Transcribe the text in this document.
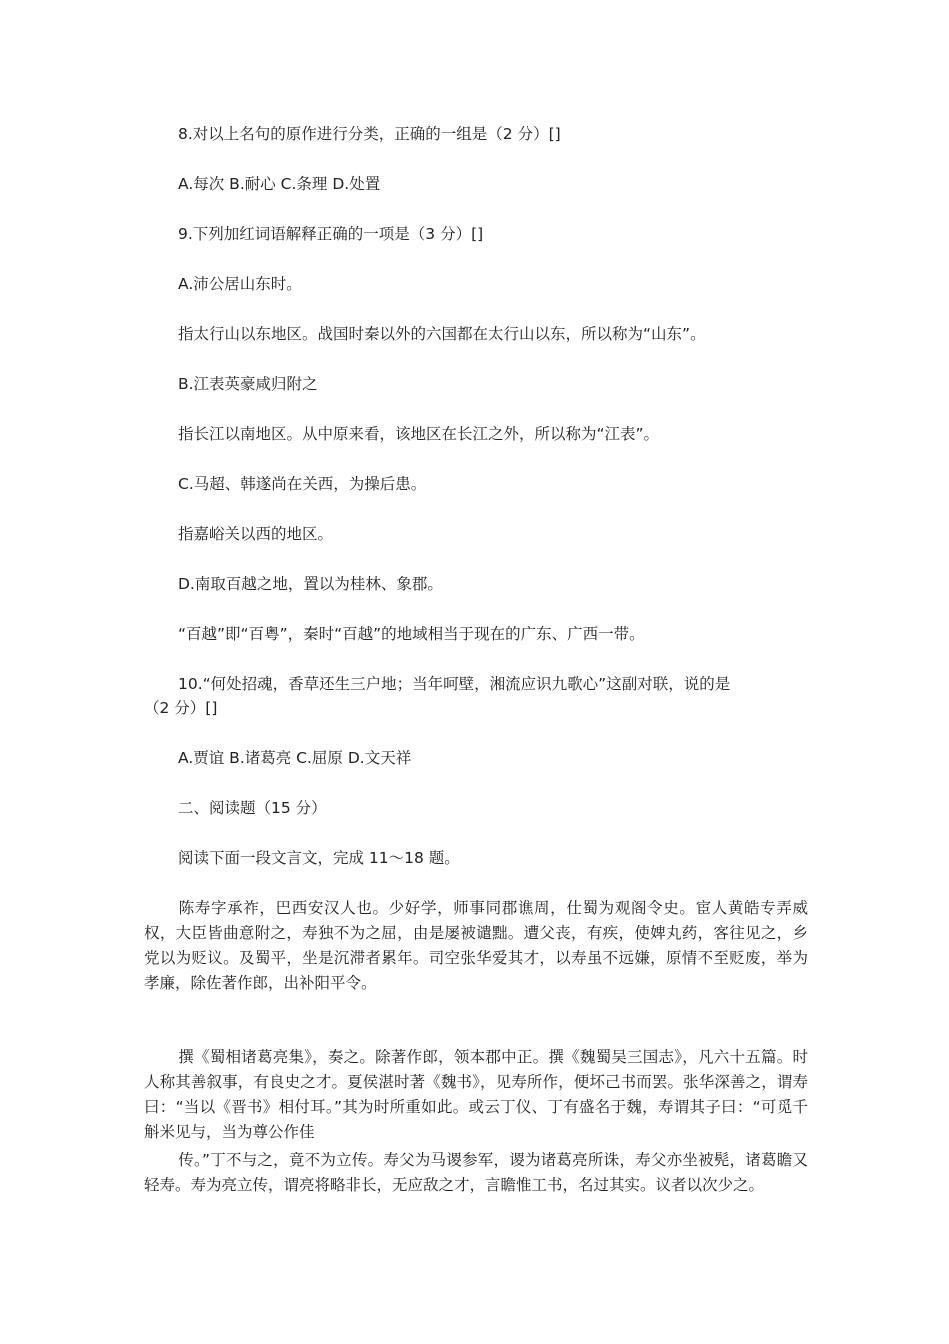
8.对以上名句的原作进行分类，正确的一组是（2 分）[]
A.每次 B.耐心 C.条理 D.处置
9.下列加红词语解释正确的一项是（3 分）[]
A.沛公居山东时。
指太行山以东地区。战国时秦以外的六国都在太行山以东，所以称为“山东”。
B.江表英豪咸归附之
指长江以南地区。从中原来看，该地区在长江之外，所以称为“江表”。
C.马超、韩遂尚在关西，为操后患。
指嘉峪关以西的地区。
D.南取百越之地，置以为桂林、象郡。
“百越”即“百粤”，秦时“百越”的地域相当于现在的广东、广西一带。
10.“何处招魂，香草还生三户地；当年呵壁，湘流应识九歌心”这副对联，说的是
（2 分）[]
A.贾谊 B.诸葛亮 C.屈原 D.文天祥
二、阅读题（15 分）
阅读下面一段文言文，完成 11～18 题。
陈寿字承祚，巴西安汉人也。少好学，师事同郡谯周，仕蜀为观阁令史。宦人黄皓专弄威权，大臣皆曲意附之，寿独不为之屈，由是屡被谴黜。遭父丧，有疾，使婢丸药，客往见之，乡党以为贬议。及蜀平，坐是沉滞者累年。司空张华爱其才，以寿虽不远嫌，原情不至贬废，举为孝廉，除佐著作郎，出补阳平令。
撰《蜀相诸葛亮集》，奏之。除著作郎，领本郡中正。撰《魏蜀吴三国志》，凡六十五篇。时人称其善叙事，有良史之才。夏侯湛时著《魏书》，见寿所作，便坏己书而罢。张华深善之，谓寿曰：“当以《晋书》相付耳。”其为时所重如此。或云丁仪、丁有盛名于魏，寿谓其子曰：“可觅千斛米见与，当为尊公作佳
传。”丁不与之，竟不为立传。寿父为马谡参军，谡为诸葛亮所诛，寿父亦坐被髡，诸葛瞻又轻寿。寿为亮立传，谓亮将略非长，无应敌之才，言瞻惟工书，名过其实。议者以次少之。
